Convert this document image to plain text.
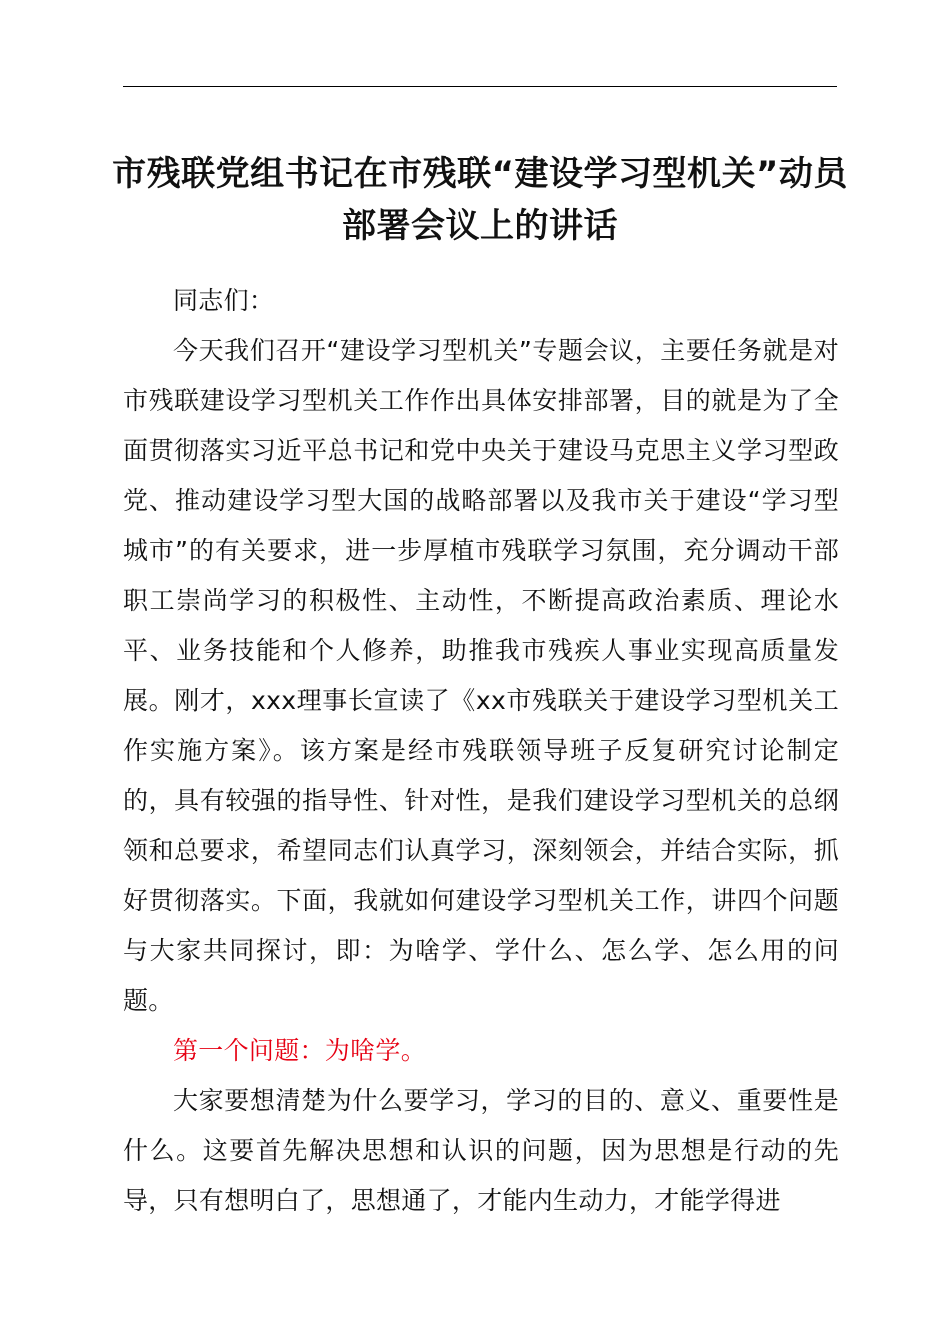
市残联党组书记在市残联“建设学习型机关”动员部署会议上的讲话

同志们：

今天我们召开“建设学习型机关”专题会议，主要任务就是对市残联建设学习型机关工作作出具体安排部署，目的就是为了全面贯彻落实习近平总书记和党中央关于建设马克思主义学习型政党、推动建设学习型大国的战略部署以及我市关于建设“学习型城市”的有关要求，进一步厚植市残联学习氛围，充分调动干部职工崇尚学习的积极性、主动性，不断提高政治素质、理论水平、业务技能和个人修养，助推我市残疾人事业实现高质量发展。刚才，xxx理事长宣读了《xx市残联关于建设学习型机关工作实施方案》。该方案是经市残联领导班子反复研究讨论制定的，具有较强的指导性、针对性，是我们建设学习型机关的总纲领和总要求，希望同志们认真学习，深刻领会，并结合实际，抓好贯彻落实。下面，我就如何建设学习型机关工作，讲四个问题与大家共同探讨，即：为啥学、学什么、怎么学、怎么用的问题。

第一个问题：为啥学。

大家要想清楚为什么要学习，学习的目的、意义、重要性是什么。这要首先解决思想和认识的问题，因为思想是行动的先导，只有想明白了，思想通了，才能内生动力，才能学得进
